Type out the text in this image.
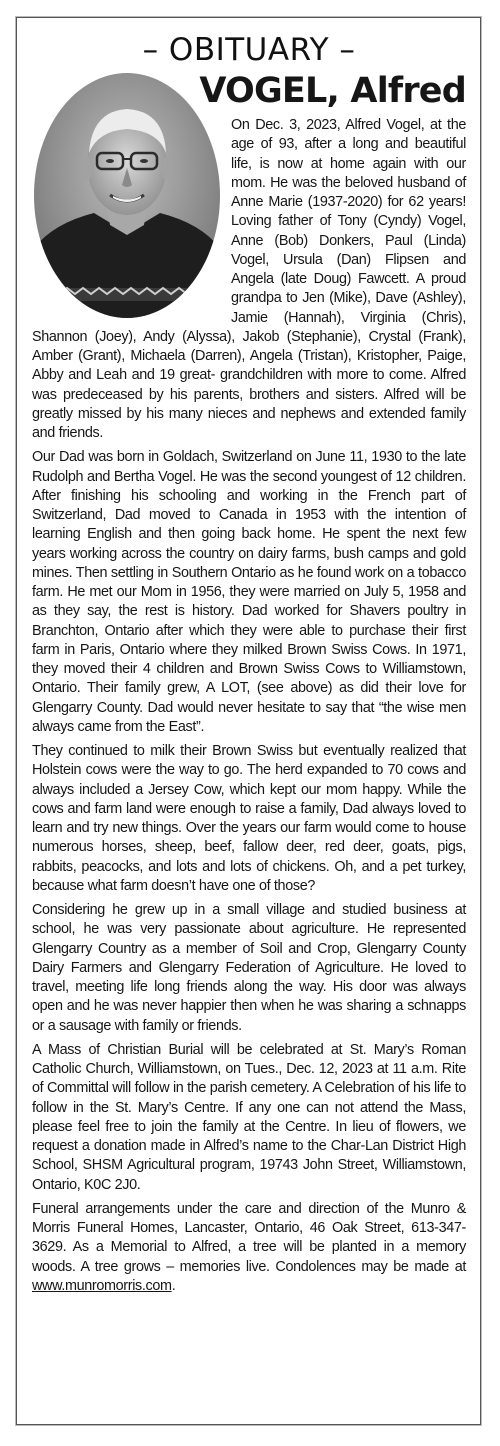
– OBITUARY –
VOGEL, Alfred

On Dec. 3, 2023, Alfred Vogel, at the age of 93, after a long and beautiful life, is now at home again with our mom. He was the beloved husband of Anne Marie (1937-2020) for 62 years! Loving father of Tony (Cyndy) Vogel, Anne (Bob) Donkers, Paul (Linda) Vogel, Ursula (Dan) Flipsen and Angela (late Doug) Fawcett. A proud grandpa to Jen (Mike), Dave (Ashley), Jamie (Hannah), Virginia (Chris), Shannon (Joey), Andy (Alyssa), Jakob (Stephanie), Crystal (Frank), Amber (Grant), Michaela (Darren), Angela (Tristan), Kristopher, Paige, Abby and Leah and 19 great- grandchildren with more to come. Alfred was predeceased by his parents, brothers and sisters. Alfred will be greatly missed by his many nieces and nephews and extended family and friends.

Our Dad was born in Goldach, Switzerland on June 11, 1930 to the late Rudolph and Bertha Vogel. He was the second youngest of 12 children. After finishing his schooling and working in the French part of Switzerland, Dad moved to Canada in 1953 with the intention of learning English and then going back home. He spent the next few years working across the country on dairy farms, bush camps and gold mines. Then settling in Southern Ontario as he found work on a tobacco farm. He met our Mom in 1956, they were married on July 5, 1958 and as they say, the rest is history. Dad worked for Shavers poultry in Branchton, Ontario after which they were able to purchase their first farm in Paris, Ontario where they milked Brown Swiss Cows. In 1971, they moved their 4 children and Brown Swiss Cows to Williamstown, Ontario. Their family grew, A LOT, (see above) as did their love for Glengarry County. Dad would never hesitate to say that “the wise men always came from the East”.

They continued to milk their Brown Swiss but eventually realized that Holstein cows were the way to go. The herd expanded to 70 cows and always included a Jersey Cow, which kept our mom happy. While the cows and farm land were enough to raise a family, Dad always loved to learn and try new things. Over the years our farm would come to house numerous horses, sheep, beef, fallow deer, red deer, goats, pigs, rabbits, peacocks, and lots and lots of chickens. Oh, and a pet turkey, because what farm doesn’t have one of those?

Considering he grew up in a small village and studied business at school, he was very passionate about agriculture. He represented Glengarry Country as a member of Soil and Crop, Glengarry County Dairy Farmers and Glengarry Federation of Agriculture. He loved to travel, meeting life long friends along the way. His door was always open and he was never happier then when he was sharing a schnapps or a sausage with family or friends.

A Mass of Christian Burial will be celebrated at St. Mary’s Roman Catholic Church, Williamstown, on Tues., Dec. 12, 2023 at 11 a.m. Rite of Committal will follow in the parish cemetery. A Celebration of his life to follow in the St. Mary’s Centre. If any one can not attend the Mass, please feel free to join the family at the Centre. In lieu of flowers, we request a donation made in Alfred’s name to the Char-Lan District High School, SHSM Agricultural program, 19743 John Street, Williamstown, Ontario, K0C 2J0.

Funeral arrangements under the care and direction of the Munro & Morris Funeral Homes, Lancaster, Ontario, 46 Oak Street, 613-347-3629. As a Memorial to Alfred, a tree will be planted in a memory woods. A tree grows – memories live. Condolences may be made at www.munromorris.com.
